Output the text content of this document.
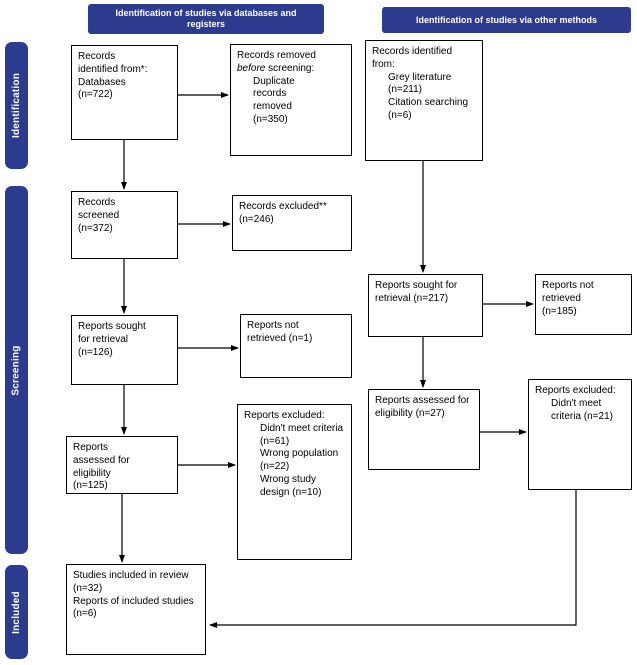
Identification of studies via databases and registers	Identification of studies via other methods
Identification
Screening
Included
Records identified from*:
Databases
(n=722)
Records screened
(n=372)
Reports sought for retrieval
(n=126)
Reports assessed for eligibility
(n=125)
Studies included in review (n=32)
Reports of included studies (n=6)
Records removed before screening:
Duplicate records removed (n=350)
Records excluded**
(n=246)
Reports not retrieved (n=1)
Reports excluded:
Didn't meet criteria (n=61)
Wrong population (n=22)
Wrong study design (n=10)
Records identified from:
Grey literature (n=211)
Citation searching (n=6)
Reports sought for retrieval (n=217)
Reports assessed for eligibility (n=27)
Reports not retrieved
(n=185)
Reports excluded:
Didn't meet criteria (n=21)
